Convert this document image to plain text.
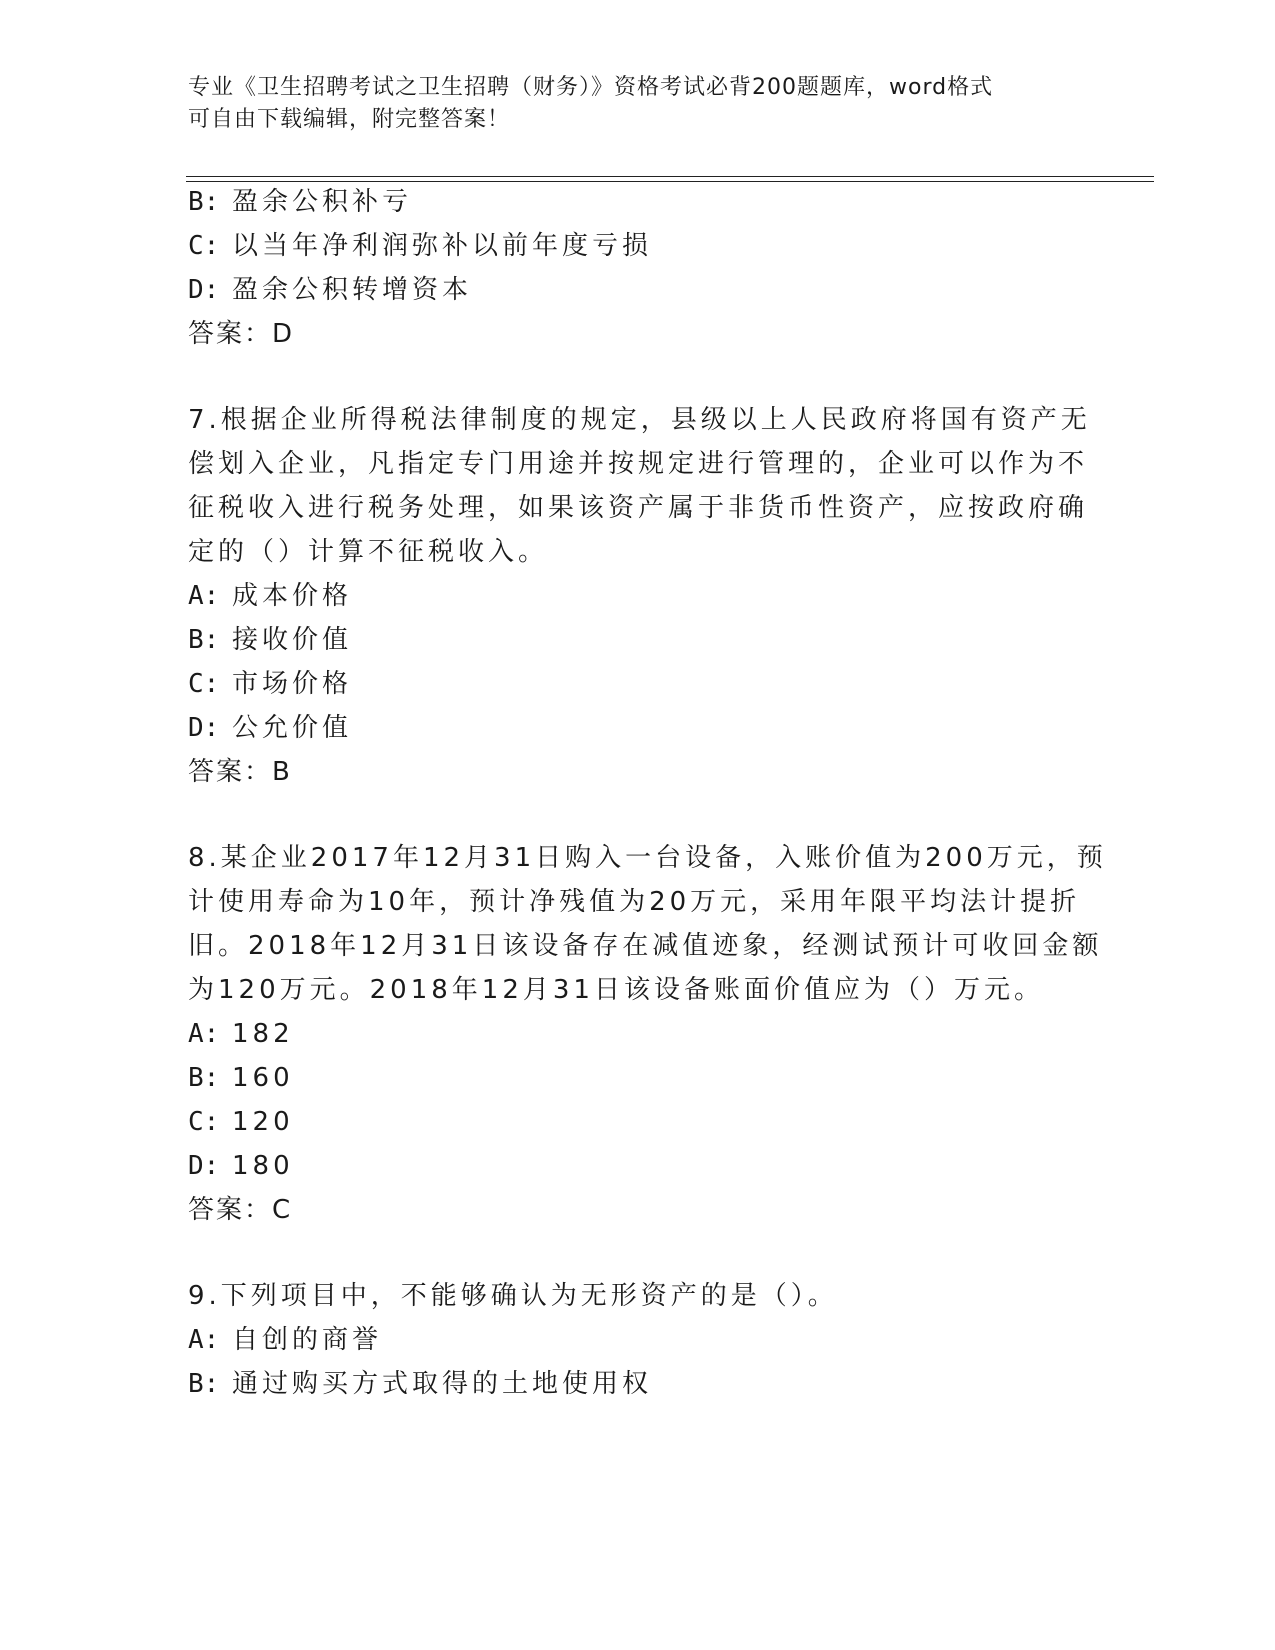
专业《卫生招聘考试之卫生招聘（财务）》资格考试必背200题题库，word格式
可自由下载编辑，附完整答案！
B: 盈余公积补亏
C: 以当年净利润弥补以前年度亏损
D: 盈余公积转增资本
答案：D
7.根据企业所得税法律制度的规定，县级以上人民政府将国有资产无
偿划入企业，凡指定专门用途并按规定进行管理的，企业可以作为不
征税收入进行税务处理，如果该资产属于非货币性资产，应按政府确
定的（）计算不征税收入。
A: 成本价格
B: 接收价值
C: 市场价格
D: 公允价值
答案：B
8.某企业2017年12月31日购入一台设备，入账价值为200万元，预
计使用寿命为10年，预计净残值为20万元，采用年限平均法计提折
旧。2018年12月31日该设备存在减值迹象，经测试预计可收回金额
为120万元。2018年12月31日该设备账面价值应为（）万元。
A: 182
B: 160
C: 120
D: 180
答案：C
9.下列项目中，不能够确认为无形资产的是（）。
A: 自创的商誉
B: 通过购买方式取得的土地使用权
